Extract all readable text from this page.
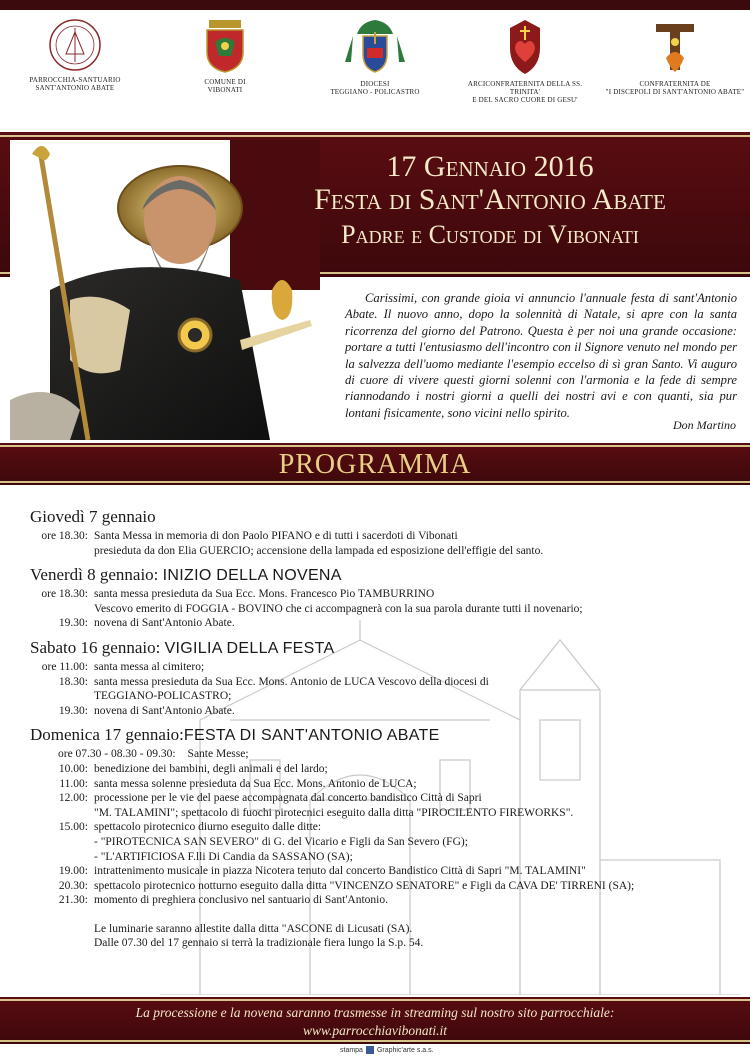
PARROCCHIA-SANTUARIO
SANT'ANTONIO ABATE
COMUNE DI
VIBONATI
DIOCESI
TEGGIANO - POLICASTRO
ARCICONFRATERNITA DELLA SS. TRINITA'
E DEL SACRO CUORE DI GESU'
CONFRATERNITA DE
"I DISCEPOLI DI SANT'ANTONIO ABATE"
17 Gennaio 2016
Festa di Sant'Antonio Abate
Padre e Custode di Vibonati
Carissimi, con grande gioia vi annuncio l'annuale festa di sant'Antonio Abate. Il nuovo anno, dopo la solennità di Natale, si apre con la santa ricorrenza del giorno del Patrono. Questa è per noi una grande occasione: portare a tutti l'entusiasmo dell'incontro con il Signore venuto nel mondo per la salvezza dell'uomo mediante l'esempio eccelso di sì gran Santo. Vi auguro di cuore di vivere questi giorni solenni con l'armonia e la fede di sempre riannodando i nostri giorni a quelli dei nostri avi e con quanti, sia pur lontani fisicamente, sono vicini nello spirito.
Don Martino
PROGRAMMA
Giovedì 7 gennaio
ore 18.30: Santa Messa in memoria di don Paolo PIFANO e di tutti i sacerdoti di Vibonati
presieduta da don Elia GUERCIO; accensione della lampada ed esposizione dell'effigie del santo.
Venerdì 8 gennaio: INIZIO DELLA NOVENA
ore 18.30: santa messa presieduta da Sua Ecc. Mons. Francesco Pio TAMBURRINO
Vescovo emerito di FOGGIA - BOVINO che ci accompagnerà con la sua parola durante tutti il novenario;
19.30: novena di Sant'Antonio Abate.
Sabato 16 gennaio: VIGILIA DELLA FESTA
ore 11.00: santa messa al cimitero;
18.30: santa messa presieduta da Sua Ecc. Mons. Antonio de LUCA Vescovo della diocesi di
TEGGIANO-POLICASTRO;
19.30: novena di Sant'Antonio Abate.
Domenica 17 gennaio:FESTA DI SANT'ANTONIO ABATE
ore 07.30 - 08.30 - 09.30:	Sante Messe;
10.00: benedizione dei bambini, degli animali e del lardo;
11.00: santa messa solenne presieduta da Sua Ecc. Mons. Antonio de LUCA;
12.00: processione per le vie del paese accompagnata dal concerto bandistico Città di Sapri
"M. TALAMINI"; spettacolo di fuochi pirotecnici eseguito dalla ditta "PIROCILENTO FIREWORKS".
15.00: spettacolo pirotecnico diurno eseguito dalle ditte:
- "PIROTECNICA SAN SEVERO" di G. del Vicario e Figli da San Severo (FG);
- "L'ARTIFICIOSA F.lli Di Candia da SASSANO (SA);
19.00: intrattenimento musicale in piazza Nicotera tenuto dal concerto Bandistico Città di Sapri "M. TALAMINI"
20.30: spettacolo pirotecnico notturno eseguito dalla ditta "VINCENZO SENATORE" e Figli da CAVA DE' TIRRENI (SA);
21.30: momento di preghiera conclusivo nel santuario di Sant'Antonio.
Le luminarie saranno allestite dalla ditta "ASCONE di Licusati (SA).
Dalle 07.30 del 17 gennaio si terrà la tradizionale fiera lungo la S.p. 54.
La processione e la novena saranno trasmesse in streaming sul nostro sito parrocchiale:
www.parrocchiavibonati.it
stampa Graphic'arte s.a.s.
